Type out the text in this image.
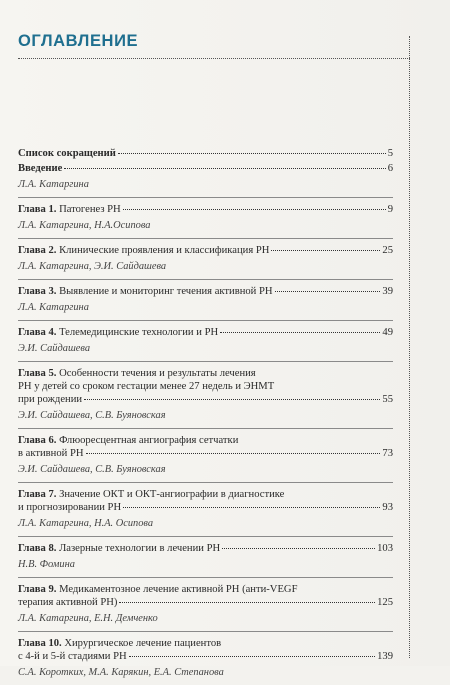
ОГЛАВЛЕНИЕ
Список сокращений	5
Введение	6
Л.А. Катаргина
Глава 1. Патогенез РН	9
Л.А. Катаргина, Н.А.Осипова
Глава 2. Клинические проявления и классификация РН	25
Л.А. Катаргина, Э.И. Сайдашева
Глава 3. Выявление и мониторинг течения активной РН	39
Л.А. Катаргина
Глава 4. Телемедицинские технологии и РН	49
Э.И. Сайдашева
Глава 5. Особенности течения и результаты лечения
РН у детей со сроком гестации менее 27 недель и ЭНМТ
при рождении	55
Э.И. Сайдашева, С.В. Буяновская
Глава 6. Флюоресцентная ангиография сетчатки
в активной РН	73
Э.И. Сайдашева, С.В. Буяновская
Глава 7. Значение ОКТ и ОКТ-ангиографии в диагностике
и прогнозировании РН	93
Л.А. Катаргина, Н.А. Осипова
Глава 8. Лазерные технологии в лечении РН	103
Н.В. Фомина
Глава 9. Медикаментозное лечение активной РН (анти-VEGF
терапия активной РН)	125
Л.А. Катаргина, Е.Н. Демченко
Глава 10. Хирургическое лечение пациентов
с 4-й и 5-й стадиями РН	139
С.А. Коротких, М.А. Карякин, Е.А. Степанова
